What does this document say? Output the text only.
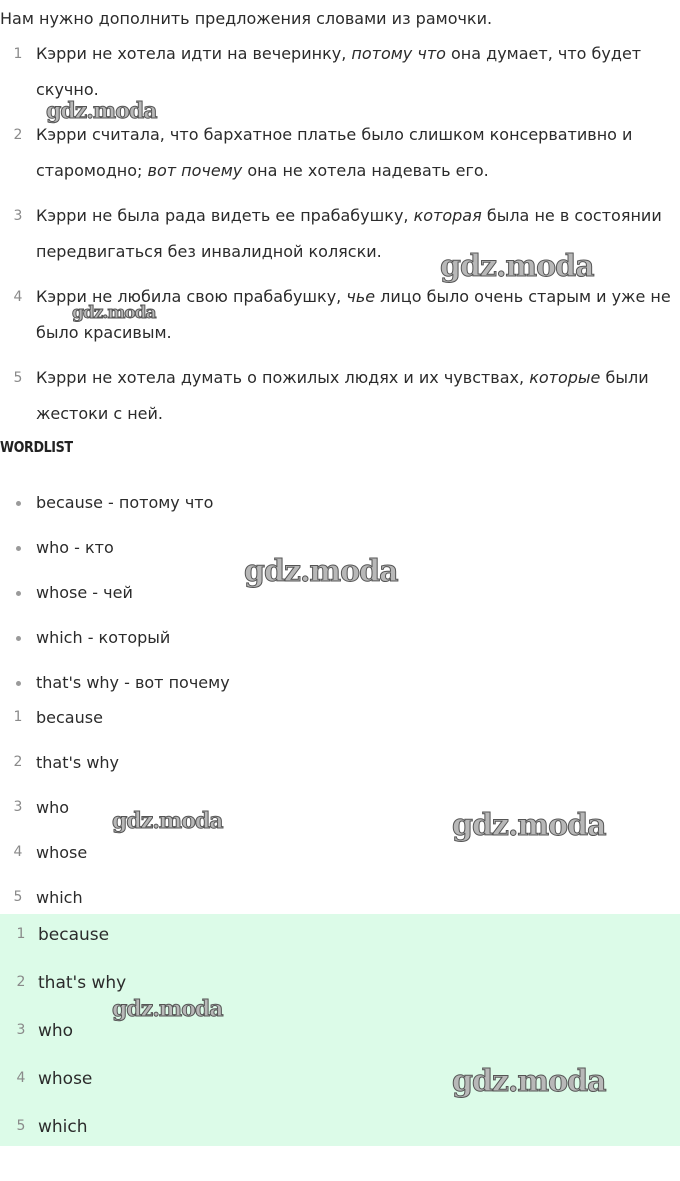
Нам нужно дополнить предложения словами из рамочки.
1 Кэрри не хотела идти на вечеринку, потому что она думает, что будет скучно.
2 Кэрри считала, что бархатное платье было слишком консервативно и старомодно; вот почему она не хотела надевать его.
3 Кэрри не была рада видеть ее прабабушку, которая была не в состоянии передвигаться без инвалидной коляски.
4 Кэрри не любила свою прабабушку, чье лицо было очень старым и уже не было красивым.
5 Кэрри не хотела думать о пожилых людях и их чувствах, которые были жестоки с ней.
WORDLIST
because - потому что
who - кто
whose - чей
which - который
that's why - вот почему
1 because
2 that's why
3 who
4 whose
5 which
1 because
2 that's why
3 who
4 whose
5 which
gdz.moda
gdz.moda
gdz.moda
gdz.moda
gdz.moda	gdz.moda
gdz.moda
gdz.moda
